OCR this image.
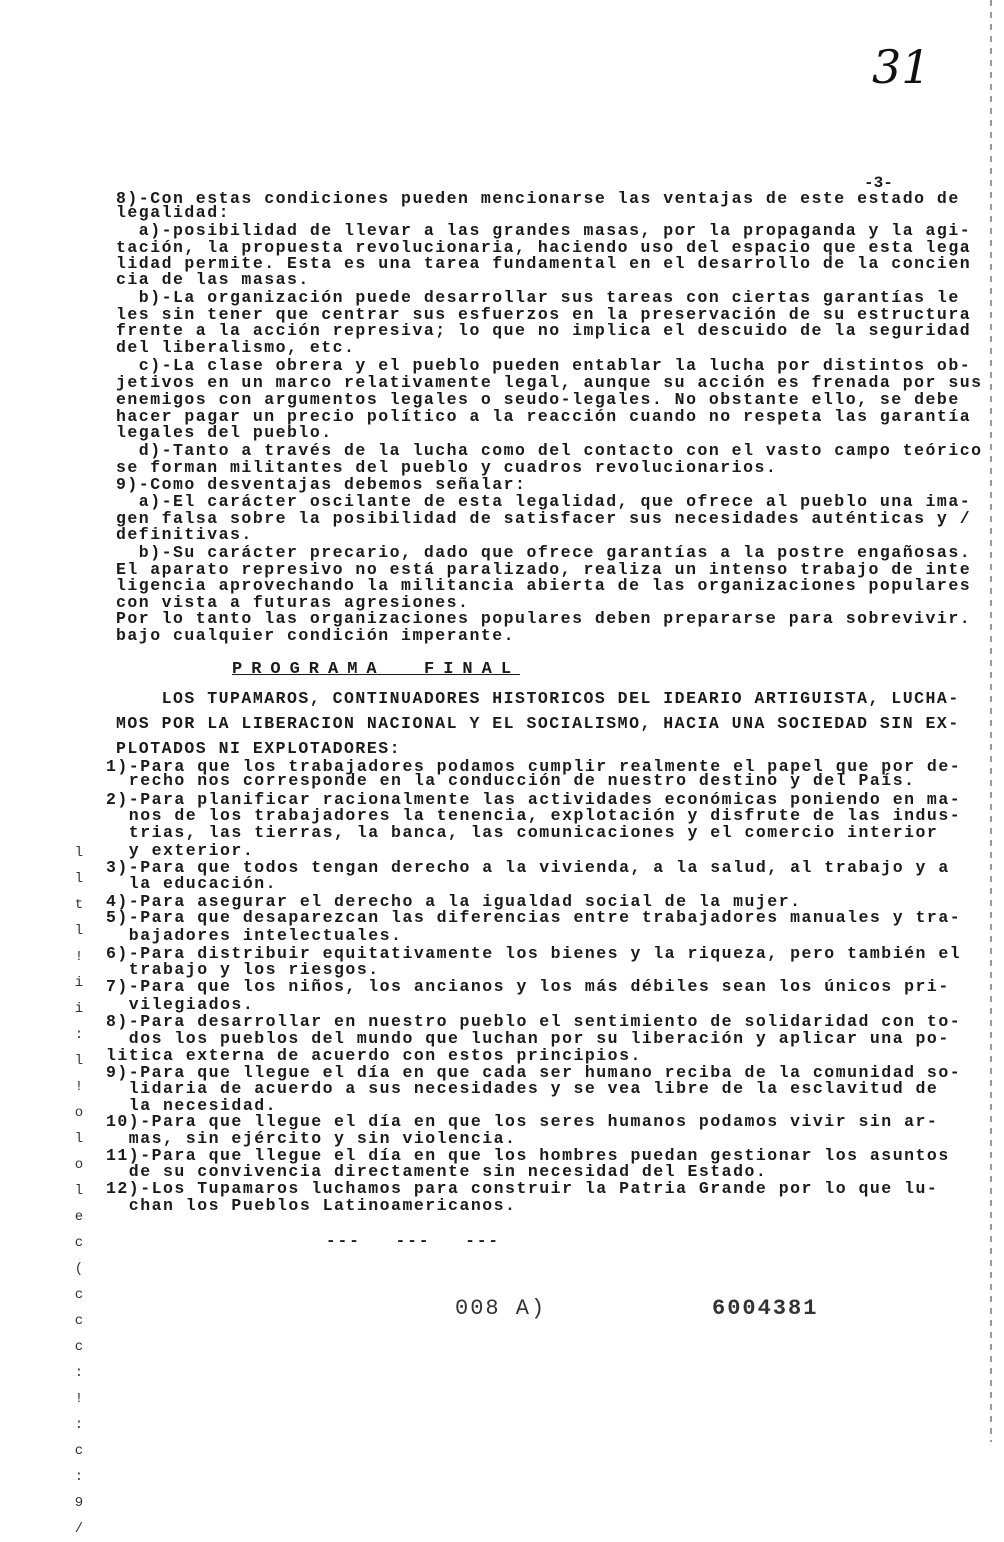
31
-3-
8)-Con estas condiciones pueden mencionarse las ventajas de este estado de
legalidad:
a)-posibilidad de llevar a las grandes masas, por la propaganda y la agi-
tación, la propuesta revolucionaria, haciendo uso del espacio que esta lega
lidad permite. Esta es una tarea fundamental en el desarrollo de la concien
cia de las masas.
b)-La organización puede desarrollar sus tareas con ciertas garantías le
les sin tener que centrar sus esfuerzos en la preservación de su estructura
frente a la acción represiva; lo que no implica el descuido de la seguridad
del liberalismo, etc.
c)-La clase obrera y el pueblo pueden entablar la lucha por distintos ob-
jetivos en un marco relativamente legal, aunque su acción es frenada por sus
enemigos con argumentos legales o seudo-legales. No obstante ello, se debe
hacer pagar un precio político a la reacción cuando no respeta las garantía
legales del pueblo.
d)-Tanto a través de la lucha como del contacto con el vasto campo teórico
se forman militantes del pueblo y cuadros revolucionarios.
9)-Como desventajas debemos señalar:
a)-El carácter oscilante de esta legalidad, que ofrece al pueblo una ima-
gen falsa sobre la posibilidad de satisfacer sus necesidades auténticas y /
definitivas.
b)-Su carácter precario, dado que ofrece garantías a la postre engañosas.
El aparato represivo no está paralizado, realiza un intenso trabajo de inte
ligencia aprovechando la militancia abierta de las organizaciones populares
con vista a futuras agresiones.
Por lo tanto las organizaciones populares deben prepararse para sobrevivir.
bajo cualquier condición imperante.
PROGRAMA  FINAL
LOS TUPAMAROS, CONTINUADORES HISTORICOS DEL IDEARIO ARTIGUISTA, LUCHA-
MOS POR LA LIBERACION NACIONAL Y EL SOCIALISMO, HACIA UNA SOCIEDAD SIN EX-
PLOTADOS NI EXPLOTADORES:
1)-Para que los trabajadores podamos cumplir realmente el papel que por de-
recho nos corresponde en la conducción de nuestro destino y del País.
2)-Para planificar racionalmente las actividades económicas poniendo en ma-
nos de los trabajadores la tenencia, explotación y disfrute de las indus-
trias, las tierras, la banca, las comunicaciones y el comercio interior
y exterior.
3)-Para que todos tengan derecho a la vivienda, a la salud, al trabajo y a
la educación.
4)-Para asegurar el derecho a la igualdad social de la mujer.
5)-Para que desaparezcan las diferencias entre trabajadores manuales y tra-
bajadores intelectuales.
6)-Para distribuir equitativamente los bienes y la riqueza, pero también el
trabajo y los riesgos.
7)-Para que los niños, los ancianos y los más débiles sean los únicos pri-
vilegiados.
8)-Para desarrollar en nuestro pueblo el sentimiento de solidaridad con to-
dos los pueblos del mundo que luchan por su liberación y aplicar una po-
litica externa de acuerdo con estos principios.
9)-Para que llegue el día en que cada ser humano reciba de la comunidad so-
lidaria de acuerdo a sus necesidades y se vea libre de la esclavitud de
la necesidad.
10)-Para que llegue el día en que los seres humanos podamos vivir sin ar-
mas, sin ejército y sin violencia.
11)-Para que llegue el día en que los hombres puedan gestionar los asuntos
de su convivencia directamente sin necesidad del Estado.
12)-Los Tupamaros luchamos para construir la Patria Grande por lo que lu-
chan los Pueblos Latinoamericanos.
---   ---   ---
008 A)	6004381
l
l
t
l
!
i
i
:
l
!
o
l
o
l
e
c
(
c
c
c
:
!
:
c
:
9
/
